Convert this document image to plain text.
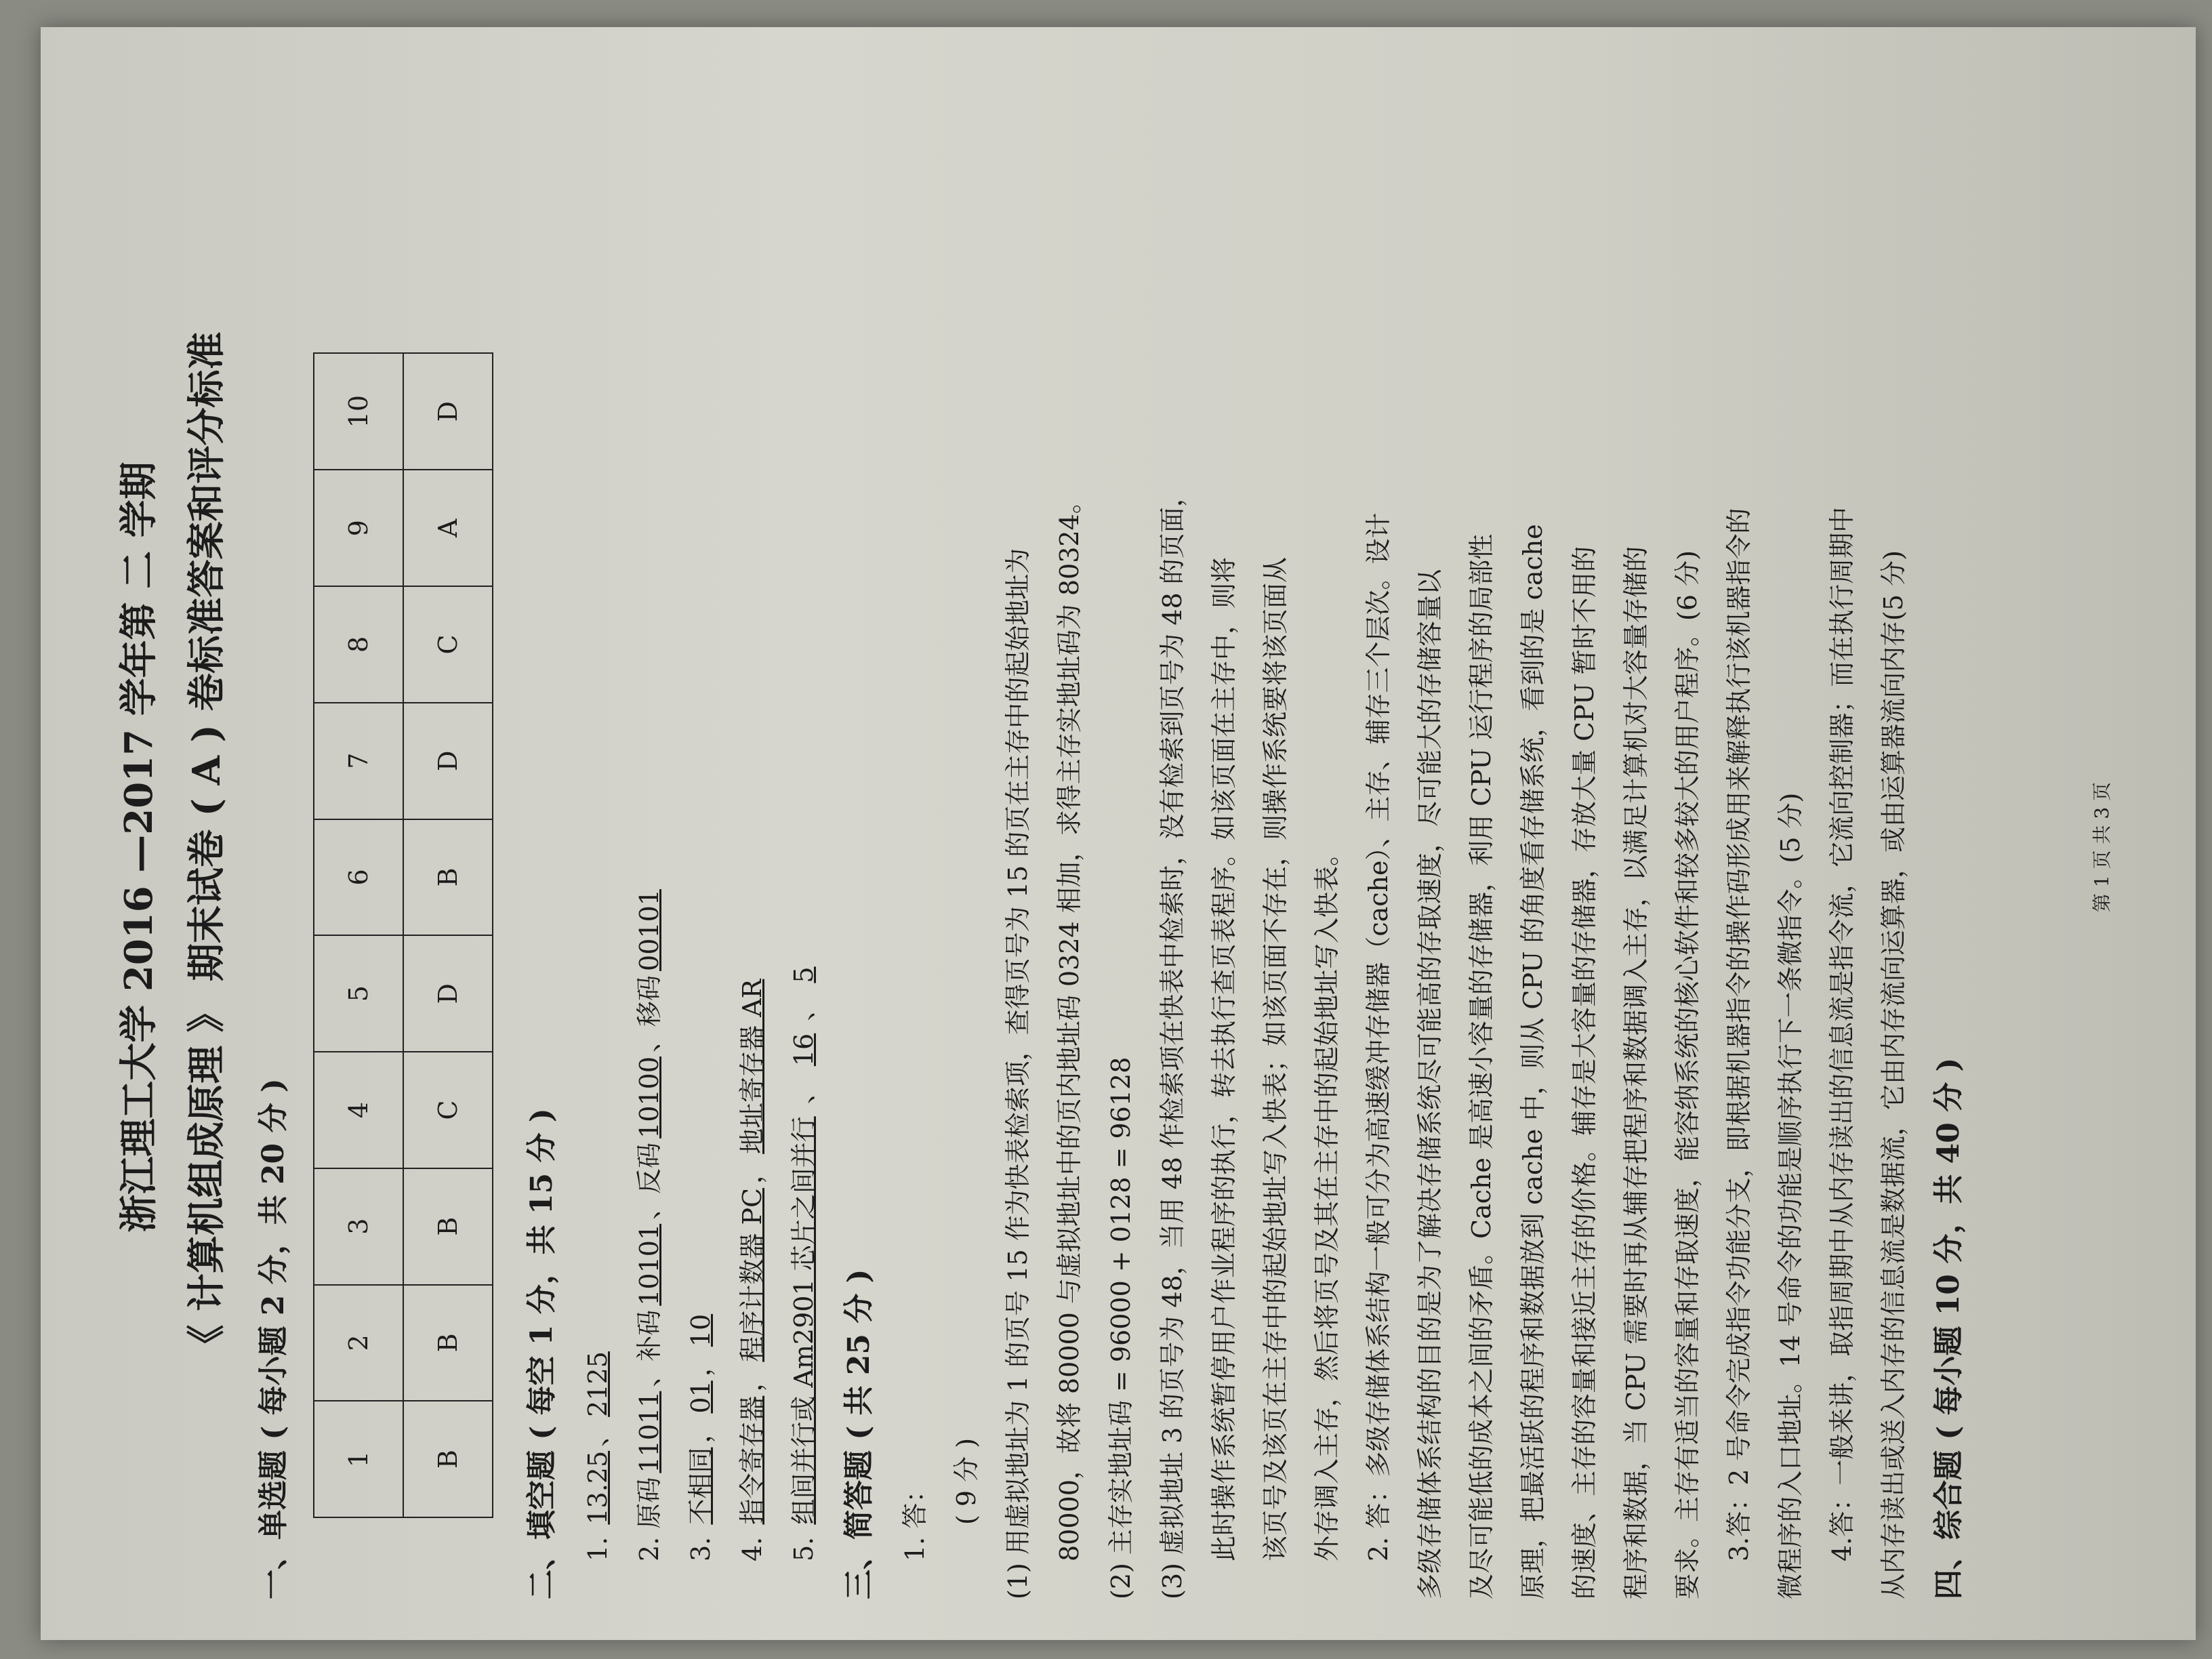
浙江理工大学 2016 —2017 学年第 二 学期 《 计算机组成原理 》 期末试卷 ( A ) 卷标准答案和评分标准 一、单选题 ( 每小题 2 分，共 20 分 )	1	2	3	4	5	6	7	8	9	10
B	B	B	C	D	B	D	C	A	D

二、填空题 ( 每空 1 分，共 15 分 ) 1. 13.25、2125

2. 原码11011、补码10101、反码10100、移码00101

3. 不相同，01，10

4. 指令寄存器，程序计数器 PC，地址寄存器 AR

5. 组间并行或 Am2901 芯片之间并行 、 16 、 5

三、简答题 ( 共 25 分 ) 1. 答： ( 9 分 ) (1) 用虚拟地址为 1 的页号 15 作为快表检索项，查得页号为 15 的页在主存中的起始地址为 80000，故将 80000 与虚拟地址中的页内地址码 0324 相加，求得主存实地址码为 80324。 (2) 主存实地址码 = 96000 + 0128 = 96128 (3) 虚拟地址 3 的页号为 48，当用 48 作检索项在快表中检索时，没有检索到页号为 48 的页面， 此时操作系统暂停用户作业程序的执行，转去执行查页表程序。如该页面在主存中，则将 该页号及该页在主存中的起始地址写入快表；如该页面不存在，则操作系统要将该页面从 外存调入主存，然后将页号及其在主存中的起始地址写入快表。 2. 答：多级存储体系结构一般可分为高速缓冲存储器（cache）、主存、辅存三个层次。设计 多级存储体系结构的目的是为了解决存储系统尽可能高的存取速度，尽可能大的存储容量以 及尽可能低的成本之间的矛盾。Cache 是高速小容量的存储器，利用 CPU 运行程序的局部性 原理，把最活跃的程序和数据放到 cache 中，则从 CPU 的角度看存储系统，看到的是 cache 的速度、主存的容量和接近主存的价格。辅存是大容量的存储器，存放大量 CPU 暂时不用的 程序和数据，当 CPU 需要时再从辅存把程序和数据调入主存，以满足计算机对大容量存储的 要求。主存有适当的容量和存取速度，能容纳系统的核心软件和较多较大的用户程序。(6 分) 3.答：2 号命令完成指令功能分支，即根据机器指令的操作码形成用来解释执行该机器指令的 微程序的入口地址。14 号命令的功能是顺序执行下一条微指令。(5 分) 4.答：一般来讲，取指周期中从内存读出的信息流是指令流，它流向控制器；而在执行周期中 从内存读出或送入内存的信息流是数据流，它由内存流向运算器，或由运算器流向内存(5 分) 四、综合题 ( 每小题 10 分，共 40 分 )

第 1 页 共 3 页
